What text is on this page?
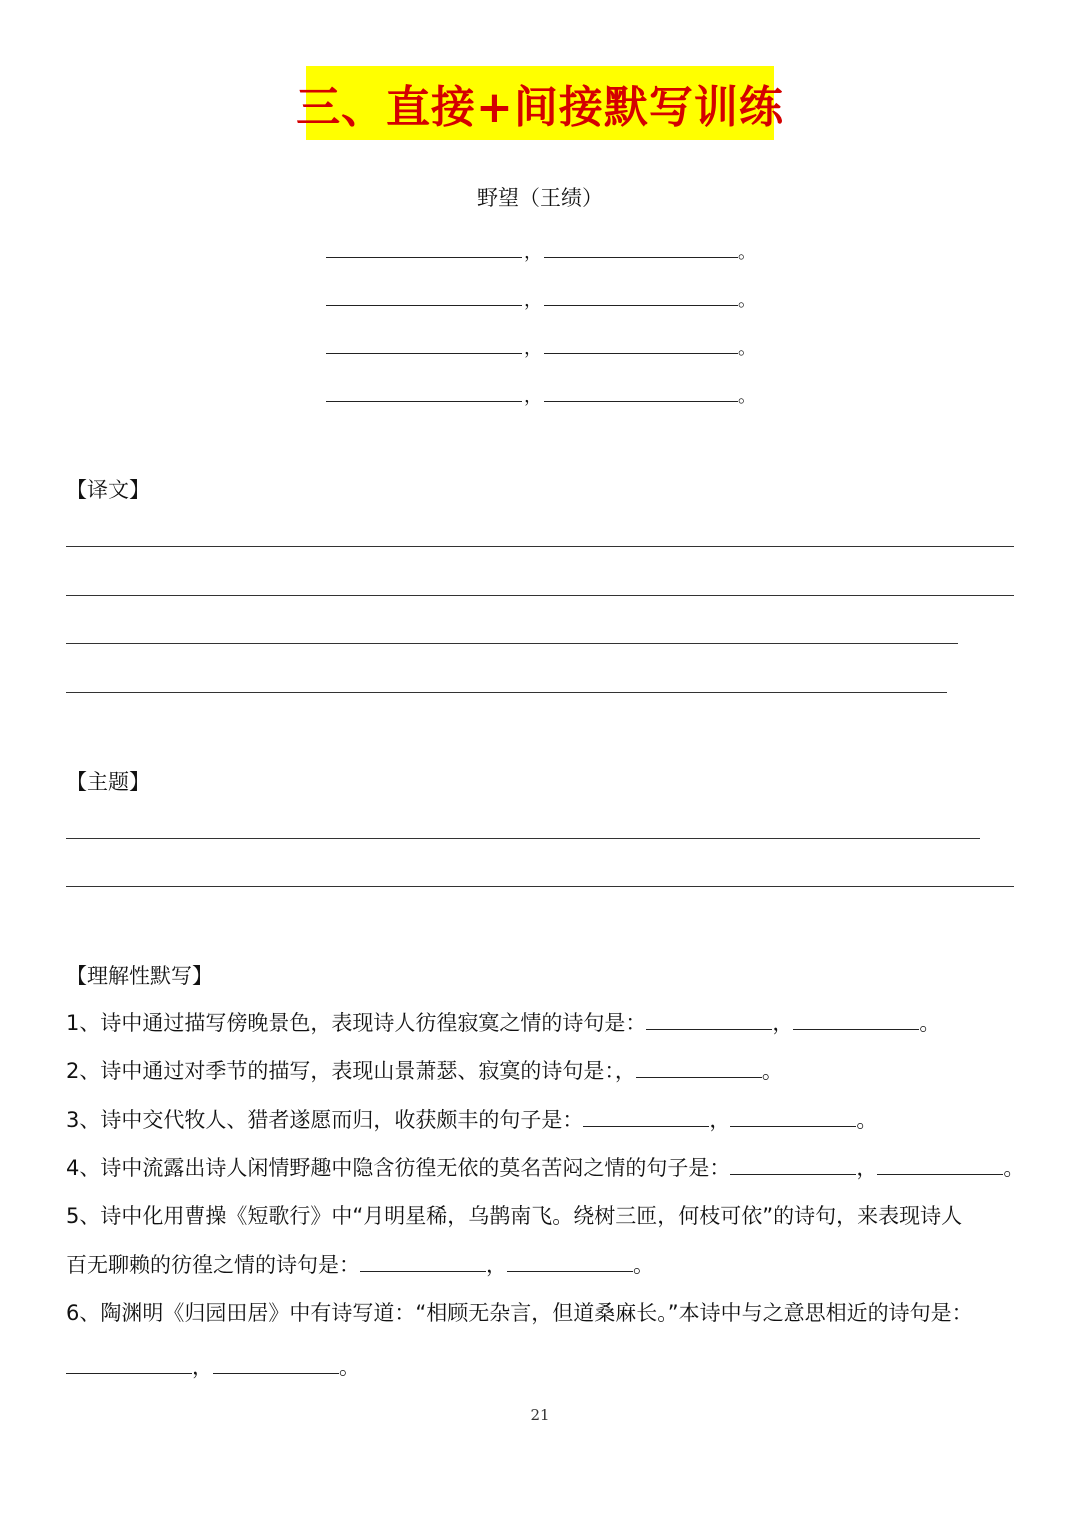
三、直接+间接默写训练
野望（王绩）
，	。
，	。
，	。
，	。
【译文】
【主题】
【理解性默写】
1、诗中通过描写傍晚景色，表现诗人彷徨寂寞之情的诗句是：	，	。
2、诗中通过对季节的描写，表现山景萧瑟、寂寞的诗句是：，	。
3、诗中交代牧人、猎者遂愿而归，收获颇丰的句子是：	，	。
4、诗中流露出诗人闲情野趣中隐含彷徨无依的莫名苦闷之情的句子是：	，	。
5、诗中化用曹操《短歌行》中“月明星稀，乌鹊南飞。绕树三匝，何枝可依”的诗句，来表现诗人
百无聊赖的彷徨之情的诗句是：	，	。
6、陶渊明《归园田居》中有诗写道：“相顾无杂言，但道桑麻长。”本诗中与之意思相近的诗句是：
，	。
21
